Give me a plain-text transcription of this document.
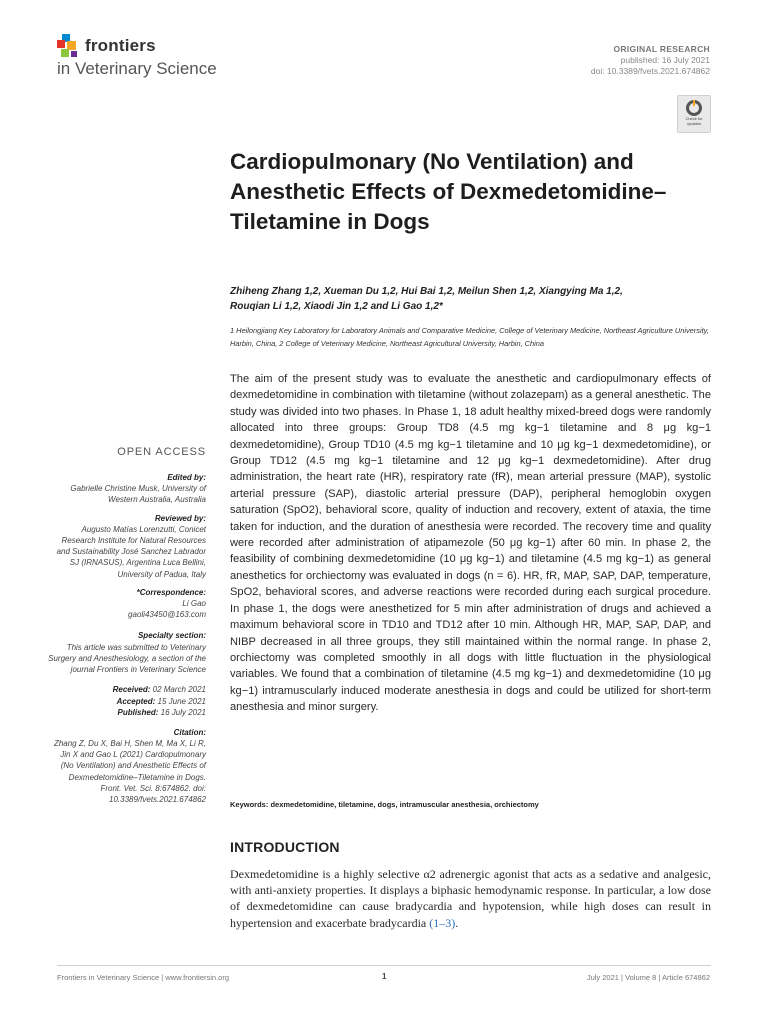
frontiers
in Veterinary Science
ORIGINAL RESEARCH
published: 16 July 2021
doi: 10.3389/fvets.2021.674862
Check for
updates
Cardiopulmonary (No Ventilation) and Anesthetic Effects of Dexmedetomidine–Tiletamine in Dogs
Zhiheng Zhang 1,2, Xueman Du 1,2, Hui Bai 1,2, Meilun Shen 1,2, Xiangying Ma 1,2,
Rouqian Li 1,2, Xiaodi Jin 1,2 and Li Gao 1,2*
1 Heilongjiang Key Laboratory for Laboratory Animals and Comparative Medicine, College of Veterinary Medicine, Northeast Agriculture University, Harbin, China, 2 College of Veterinary Medicine, Northeast Agricultural University, Harbin, China
OPEN ACCESS
Edited by:
Gabrielle Christine Musk, University of Western Australia, Australia
Reviewed by:
Augusto Matías Lorenzutti, Conicet Research Institute for Natural Resources and Sustainability José Sanchez Labrador SJ (IRNASUS), Argentina Luca Bellini, University of Padua, Italy
*Correspondence:
Li Gao
gaoli43450@163.com
Specialty section:
This article was submitted to Veterinary Surgery and Anesthesiology, a section of the journal Frontiers in Veterinary Science
Received: 02 March 2021
Accepted: 15 June 2021
Published: 16 July 2021
Citation:
Zhang Z, Du X, Bai H, Shen M, Ma X, Li R, Jin X and Gao L (2021) Cardiopulmonary (No Ventilation) and Anesthetic Effects of Dexmedetomidine–Tiletamine in Dogs. Front. Vet. Sci. 8:674862. doi: 10.3389/fvets.2021.674862

The aim of the present study was to evaluate the anesthetic and cardiopulmonary effects of dexmedetomidine in combination with tiletamine (without zolazepam) as a general anesthetic. The study was divided into two phases. In Phase 1, 18 adult healthy mixed-breed dogs were randomly allocated into three groups: Group TD8 (4.5 mg kg−1 tiletamine and 8 μg kg−1 dexmedetomidine), Group TD10 (4.5 mg kg−1 tiletamine and 10 μg kg−1 dexmedetomidine), or Group TD12 (4.5 mg kg−1 tiletamine and 12 μg kg−1 dexmedetomidine). After drug administration, the heart rate (HR), respiratory rate (fR), mean arterial pressure (MAP), systolic arterial pressure (SAP), diastolic arterial pressure (DAP), peripheral hemoglobin oxygen saturation (SpO2), behavioral score, quality of induction and recovery, extent of ataxia, the time taken for induction, and the duration of anesthesia were recorded. The recovery time and quality were recorded after administration of atipamezole (50 μg kg−1) after 60 min. In phase 2, the feasibility of combining dexmedetomidine (10 μg kg−1) and tiletamine (4.5 mg kg−1) as general anesthetics for orchiectomy was evaluated in dogs (n = 6). HR, fR, MAP, SAP, DAP, temperature, SpO2, behavioral scores, and adverse reactions were recorded during each surgical procedure. In phase 1, the dogs were anesthetized for 5 min after administration of drugs and achieved a maximum behavioral score in TD10 and TD12 after 10 min. Although HR, MAP, SAP, DAP, and NIBP decreased in all three groups, they still maintained within the normal range. In phase 2, orchiectomy was completed smoothly in all dogs with little fluctuation in the physiological variables. We found that a combination of tiletamine (4.5 mg kg−1) and dexmedetomidine (10 μg kg−1) intramuscularly induced moderate anesthesia in dogs and could be utilized for short-term anesthesia and minor surgery.

Keywords: dexmedetomidine, tiletamine, dogs, intramuscular anesthesia, orchiectomy
INTRODUCTION

Dexmedetomidine is a highly selective α2 adrenergic agonist that acts as a sedative and analgesic, with anti-anxiety properties. It displays a biphasic hemodynamic response. In particular, a low dose of dexmedetomidine can cause bradycardia and hypotension, while high doses can result in hypertension and exacerbate bradycardia (1–3).

Frontiers in Veterinary Science | www.frontiersin.org	1	July 2021 | Volume 8 | Article 674862
